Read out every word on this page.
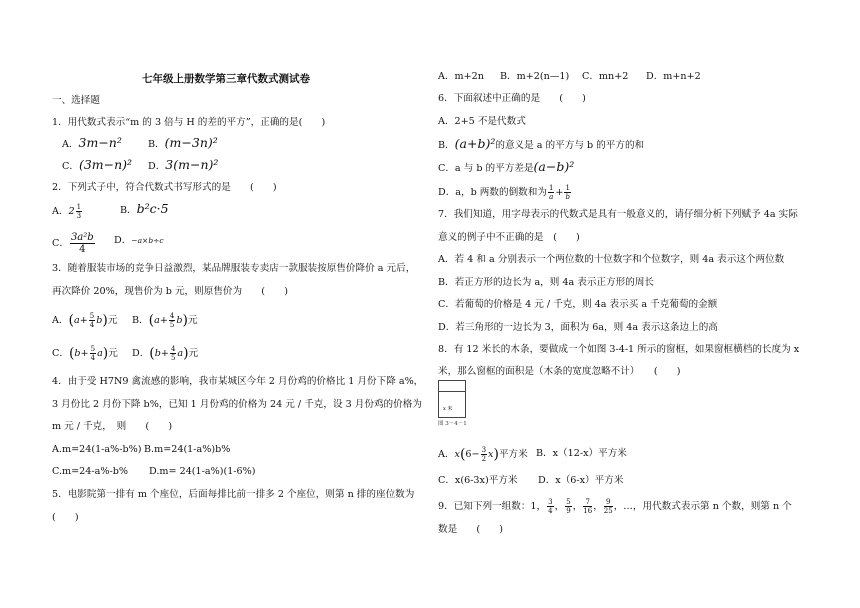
七年级上册数学第三章代数式测试卷
一、选择题
1．用代数式表示“m 的 3 倍与 H 的差的平方”，正确的是(　　)
A．3m−n²	B．(m−3n)²
C．(3m−n)² D．3(m−n)²
2．下列式子中，符合代数式书写形式的是　　(　　)
A．$2 \frac{1}{3}$	B．b²c·5
C． $\frac{\text{3a²b}}{4}$ D．−a×b÷c
3．随着服装市场的竞争日益激烈，某品牌服装专卖店一款服装按原售价降价 a 元后，
再次降价 20%，现售价为 b 元，则原售价为　　(　　)
A．$(a+ \frac{5}{4} b)$元 B．$(a+ \frac{4}{5} b)$元
C．$(b+ \frac{5}{4} a)$元 D．$(b+ \frac{4}{5} a)$元
4．由于受 H7N9 禽流感的影响，我市某城区今年 2 月份鸡的价格比 1 月份下降 a%，
3 月份比 2 月份下降 b%，已知 1 月份鸡的价格为 24 元 / 千克，设 3 月份鸡的价格为
m 元 / 千克，　则　　(　　)
A.m=24(1-a%-b%) B.m=24(1-a%)b%
C.m=24-a%-b% D.m= 24(1-a%)(1-6%)
5．电影院第一排有 m 个座位，后面每排比前一排多 2 个座位，则第 n 排的座位数为
(　　)
A．m+2n B．m+2(n—1) C．mn+2 D．m+n+2
6．下面叙述中正确的是　　(　　)
A．2+5 不是代数式
B．(a+b)²的意义是 a 的平方与 b 的平方的和
C．a 与 b 的平方差是(a−b)²
D．a，b 两数的倒数和为 $\frac{1}{a} + \frac{1}{b}$
7．我们知道，用字母表示的代数式是具有一般意义的，请仔细分析下列赋予 4a 实际
意义的例子中不正确的是　(　　)
A．若 4 和 a 分别表示一个两位数的十位数字和个位数字，则 4a 表示这个两位数
B．若正方形的边长为 a，则 4a 表示正方形的周长
C．若葡萄的价格是 4 元 / 千克，则 4a 表示买 a 千克葡萄的金额
D．若三角形的一边长为 3，面积为 6a，则 4a 表示这条边上的高
8．有 12 米长的木条，要做成一个如图 3-4-1 所示的窗框，如果窗框横档的长度为 x
米，那么窗框的面积是（木条的宽度忽略不计）　　(　　)
x 米
图 3－4－1
A．$x(6- \frac{3}{2} x)$平方米 B．x（12-x）平方米
C．x(6-3x)平方米 D．x（6-x）平方米
9．已知下列一组数：1， $\frac{3}{4}$ ， $\frac{5}{9}$ ， $\frac{7}{16}$ ， $\frac{9}{25}$ ，…，用代数式表示第 n 个数，则第 n 个
数是　　(　　)
